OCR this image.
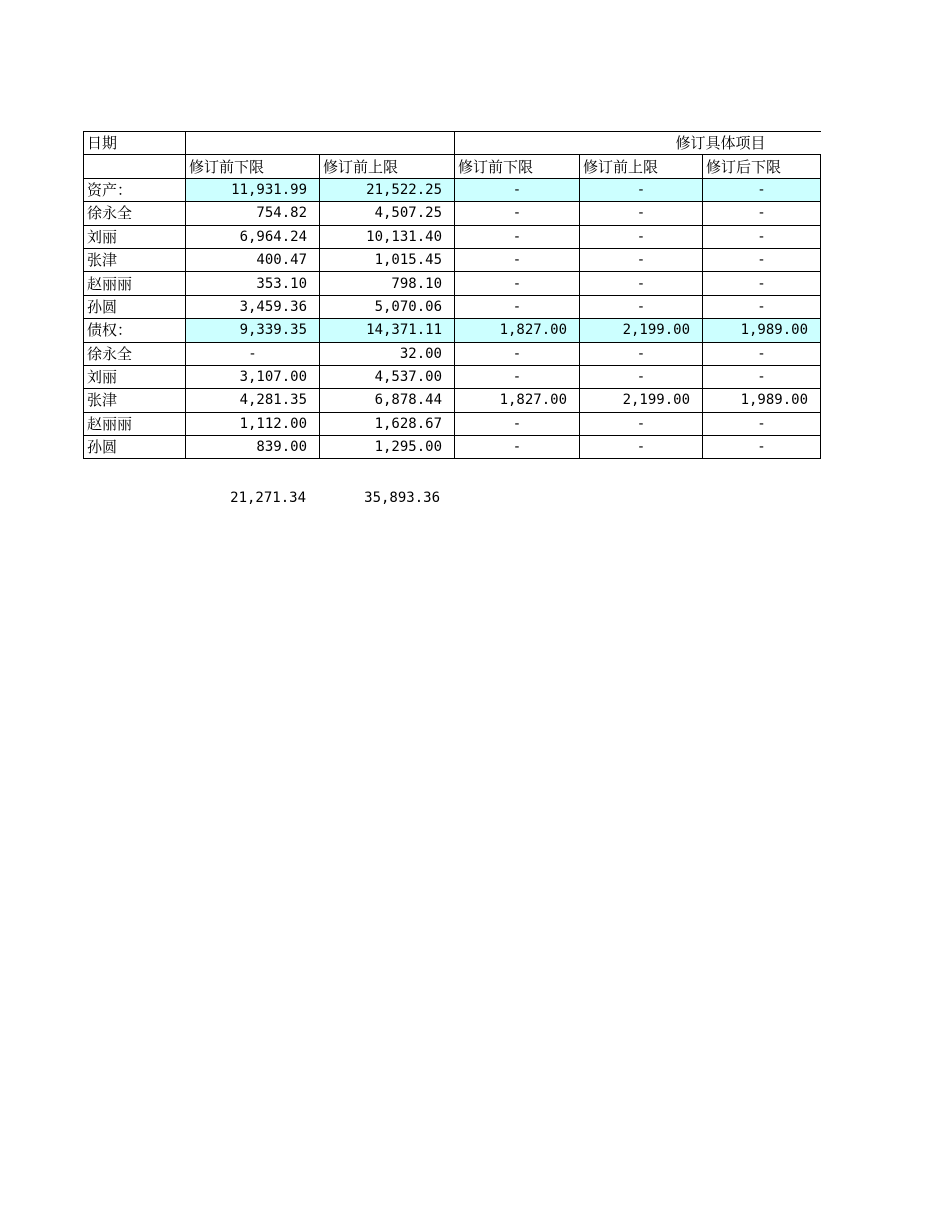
日期			修订具体项目		
	修订前下限	修订前上限	修订前下限	修订前上限	修订后下限
资产：	11,931.99	21,522.25	-	-	-
徐永全	754.82	4,507.25	-	-	-
刘丽	6,964.24	10,131.40	-	-	-
张津	400.47	1,015.45	-	-	-
赵丽丽	353.10	798.10	-	-	-
孙圆	3,459.36	5,070.06	-	-	-
债权：	9,339.35	14,371.11	1,827.00	2,199.00	1,989.00
徐永全	-	32.00	-	-	-
刘丽	3,107.00	4,537.00	-	-	-
张津	4,281.35	6,878.44	1,827.00	2,199.00	1,989.00
赵丽丽	1,112.00	1,628.67	-	-	-
孙圆	839.00	1,295.00	-	-	-
21,271.34	35,893.36
